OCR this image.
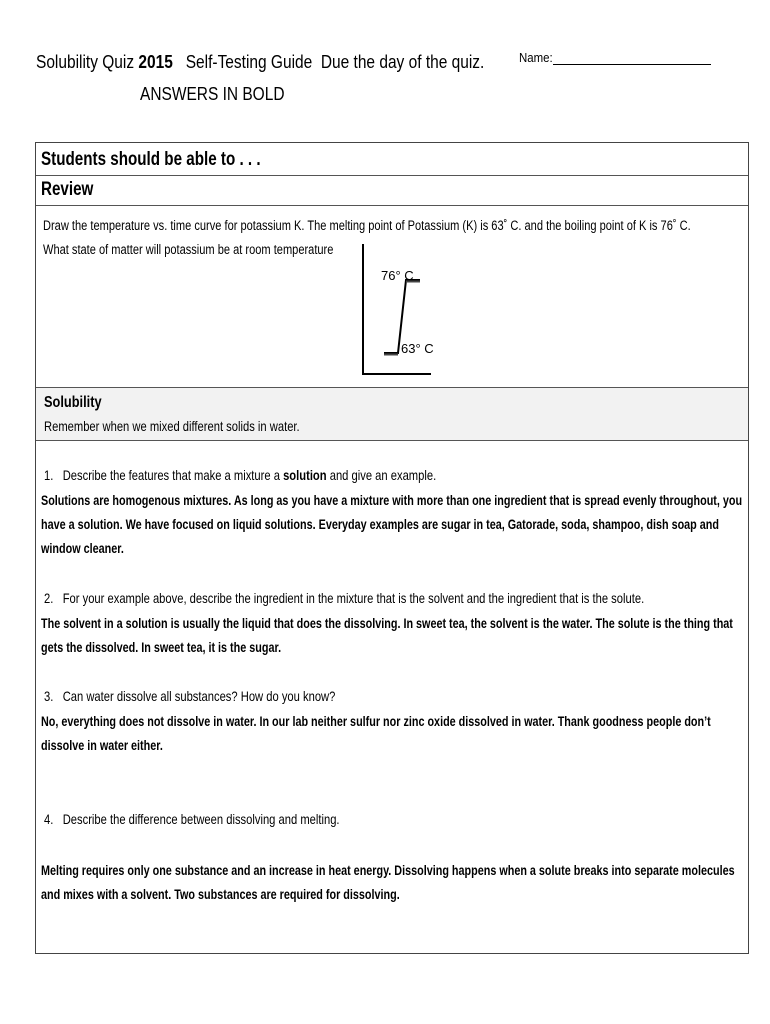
Solubility Quiz 2015   Self-Testing Guide  Due the day of the quiz.
ANSWERS IN BOLD
Name:
Students should be able to . . .
Review
Draw the temperature vs. time curve for potassium K. The melting point of Potassium (K) is 63˚ C. and the boiling point of K is 76˚ C. What state of matter will potassium be at room temperature
76° C
63° C
Solubility
Remember when we mixed different solids in water.
1. Describe the features that make a mixture a solution and give an example.
Solutions are homogenous mixtures. As long as you have a mixture with more than one ingredient that is spread evenly throughout, you have a solution. We have focused on liquid solutions. Everyday examples are sugar in tea, Gatorade, soda, shampoo, dish soap and window cleaner.
2. For your example above, describe the ingredient in the mixture that is the solvent and the ingredient that is the solute.
The solvent in a solution is usually the liquid that does the dissolving. In sweet tea, the solvent is the water. The solute is the thing that gets the dissolved. In sweet tea, it is the sugar.
3. Can water dissolve all substances? How do you know?
No, everything does not dissolve in water. In our lab neither sulfur nor zinc oxide dissolved in water. Thank goodness people don’t dissolve in water either.
4. Describe the difference between dissolving and melting.
Melting requires only one substance and an increase in heat energy. Dissolving happens when a solute breaks into separate molecules and mixes with a solvent. Two substances are required for dissolving.
